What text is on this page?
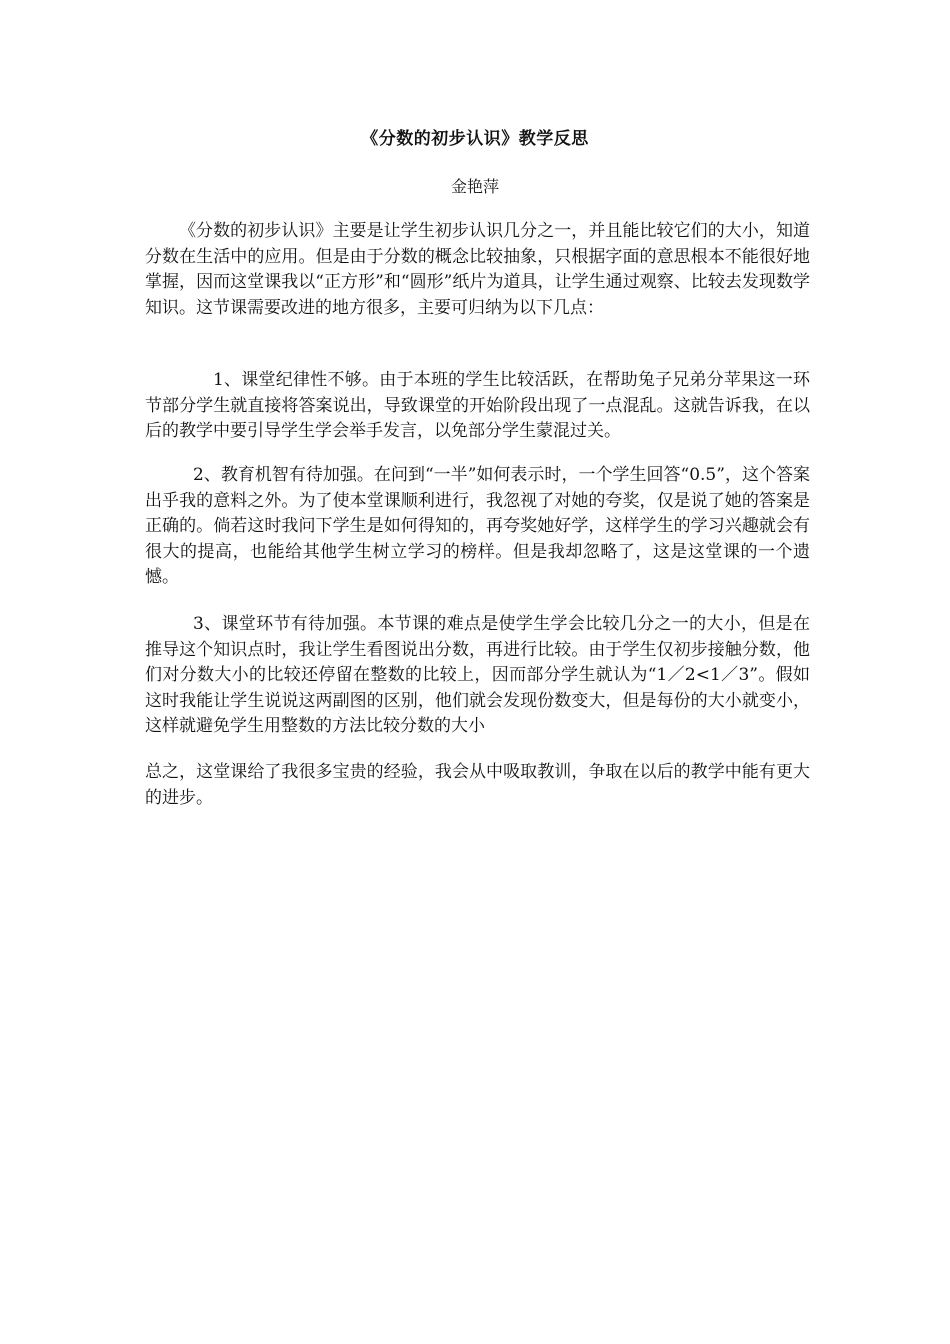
《分数的初步认识》教学反思
金艳萍

《分数的初步认识》主要是让学生初步认识几分之一，并且能比较它们的大小，知道分数在生活中的应用。但是由于分数的概念比较抽象，只根据字面的意思根本不能很好地掌握，因而这堂课我以“正方形”和“圆形”纸片为道具，让学生通过观察、比较去发现数学知识。这节课需要改进的地方很多，主要可归纳为以下几点：

1、课堂纪律性不够。由于本班的学生比较活跃，在帮助兔子兄弟分苹果这一环节部分学生就直接将答案说出，导致课堂的开始阶段出现了一点混乱。这就告诉我，在以后的教学中要引导学生学会举手发言，以免部分学生蒙混过关。

2、教育机智有待加强。在问到“一半”如何表示时，一个学生回答“0.5”，这个答案出乎我的意料之外。为了使本堂课顺利进行，我忽视了对她的夸奖，仅是说了她的答案是正确的。倘若这时我问下学生是如何得知的，再夸奖她好学，这样学生的学习兴趣就会有很大的提高，也能给其他学生树立学习的榜样。但是我却忽略了，这是这堂课的一个遗憾。

3、课堂环节有待加强。本节课的难点是使学生学会比较几分之一的大小，但是在推导这个知识点时，我让学生看图说出分数，再进行比较。由于学生仅初步接触分数，他们对分数大小的比较还停留在整数的比较上，因而部分学生就认为“1／2<1／3”。假如这时我能让学生说说这两副图的区别，他们就会发现份数变大，但是每份的大小就变小，这样就避免学生用整数的方法比较分数的大小

总之，这堂课给了我很多宝贵的经验，我会从中吸取教训，争取在以后的教学中能有更大的进步。
